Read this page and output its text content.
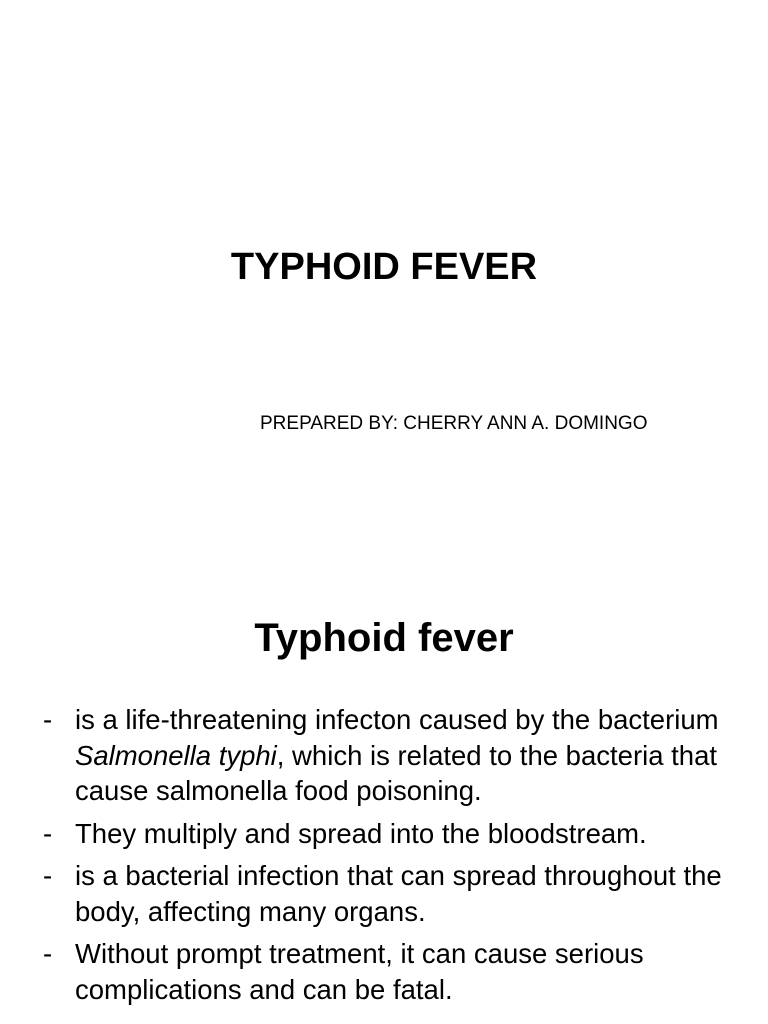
TYPHOID FEVER

PREPARED BY: CHERRY ANN A. DOMINGO

Typhoid fever
- is a life-threatening infecton caused by the bacterium Salmonella typhi, which is related to the bacteria that cause salmonella food poisoning.
- They multiply and spread into the bloodstream.
- is a bacterial infection that can spread throughout the body, affecting many organs.
- Without prompt treatment, it can cause serious complications and can be fatal.
